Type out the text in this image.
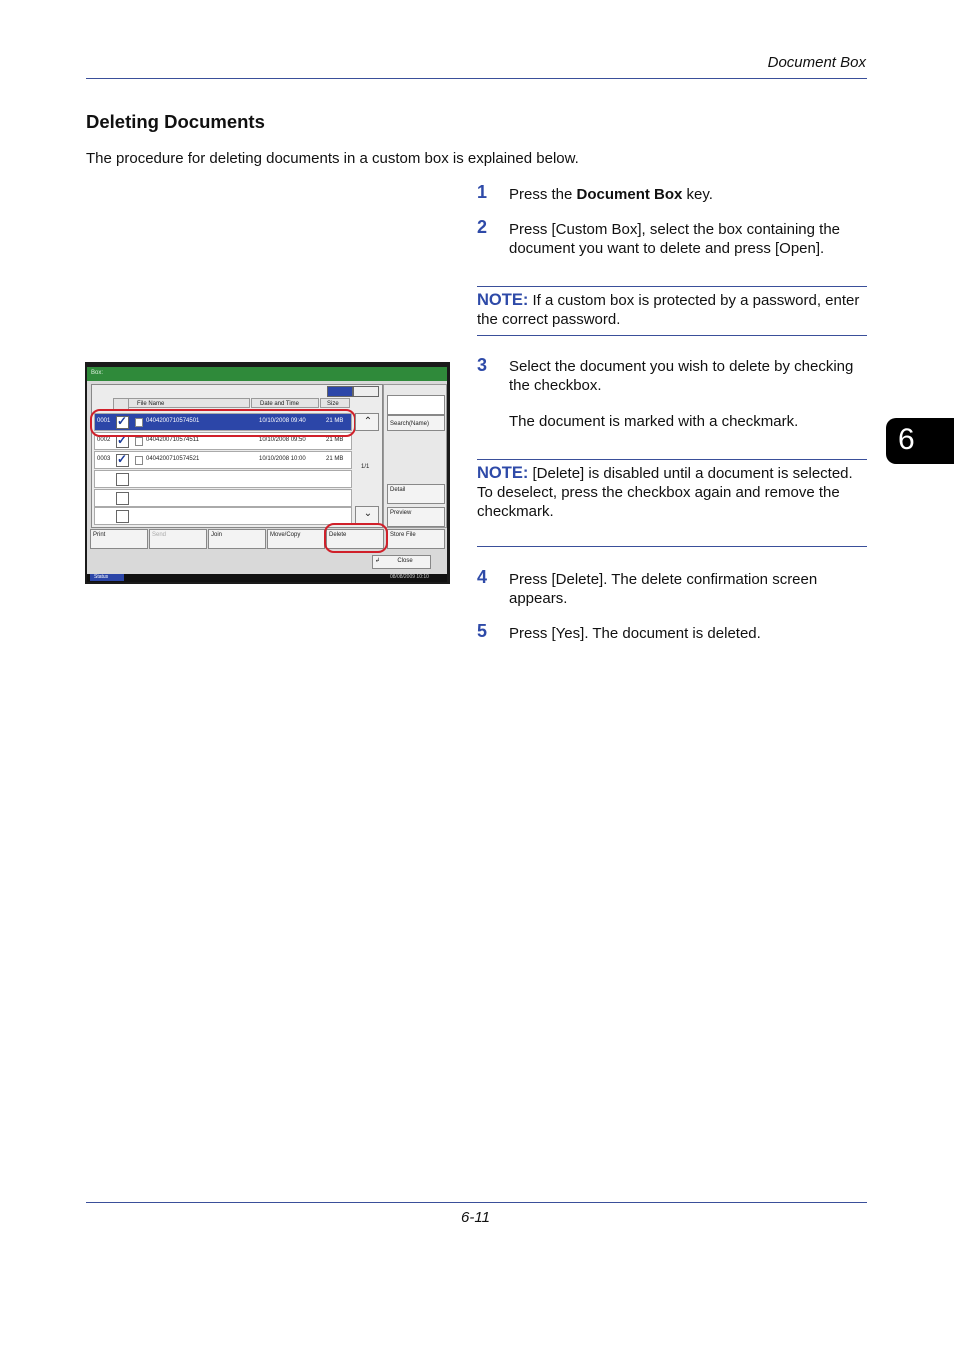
Document Box
Deleting Documents
The procedure for deleting documents in a custom box is explained below.
6
1 Press the Document Box key.
2 Press [Custom Box], select the box containing the document you want to delete and press [Open].
NOTE: If a custom box is protected by a password, enter the correct password.
3 Select the document you wish to delete by checking the checkbox.
The document is marked with a checkmark.
NOTE: [Delete] is disabled until a document is selected.
To deselect, press the checkbox again and remove the checkmark.
4 Press [Delete]. The delete confirmation screen appears.
5 Press [Yes]. The document is deleted.
Box:
File Name	Date and Time	Size
0001 ✓	0404200710574501	10/10/2008 09:40	21 MB
0002 ✓	0404200710574511	10/10/2008 09:50	21 MB
0003 ✓	0404200710574521	10/10/2008 10:00	21 MB
⌃
1/1
⌄
Search(Name)
Detail
Preview
Print	Send	Join	Move/Copy	Delete	Store File
↲	Close
Status	08/08/2009 10:10
6-11
